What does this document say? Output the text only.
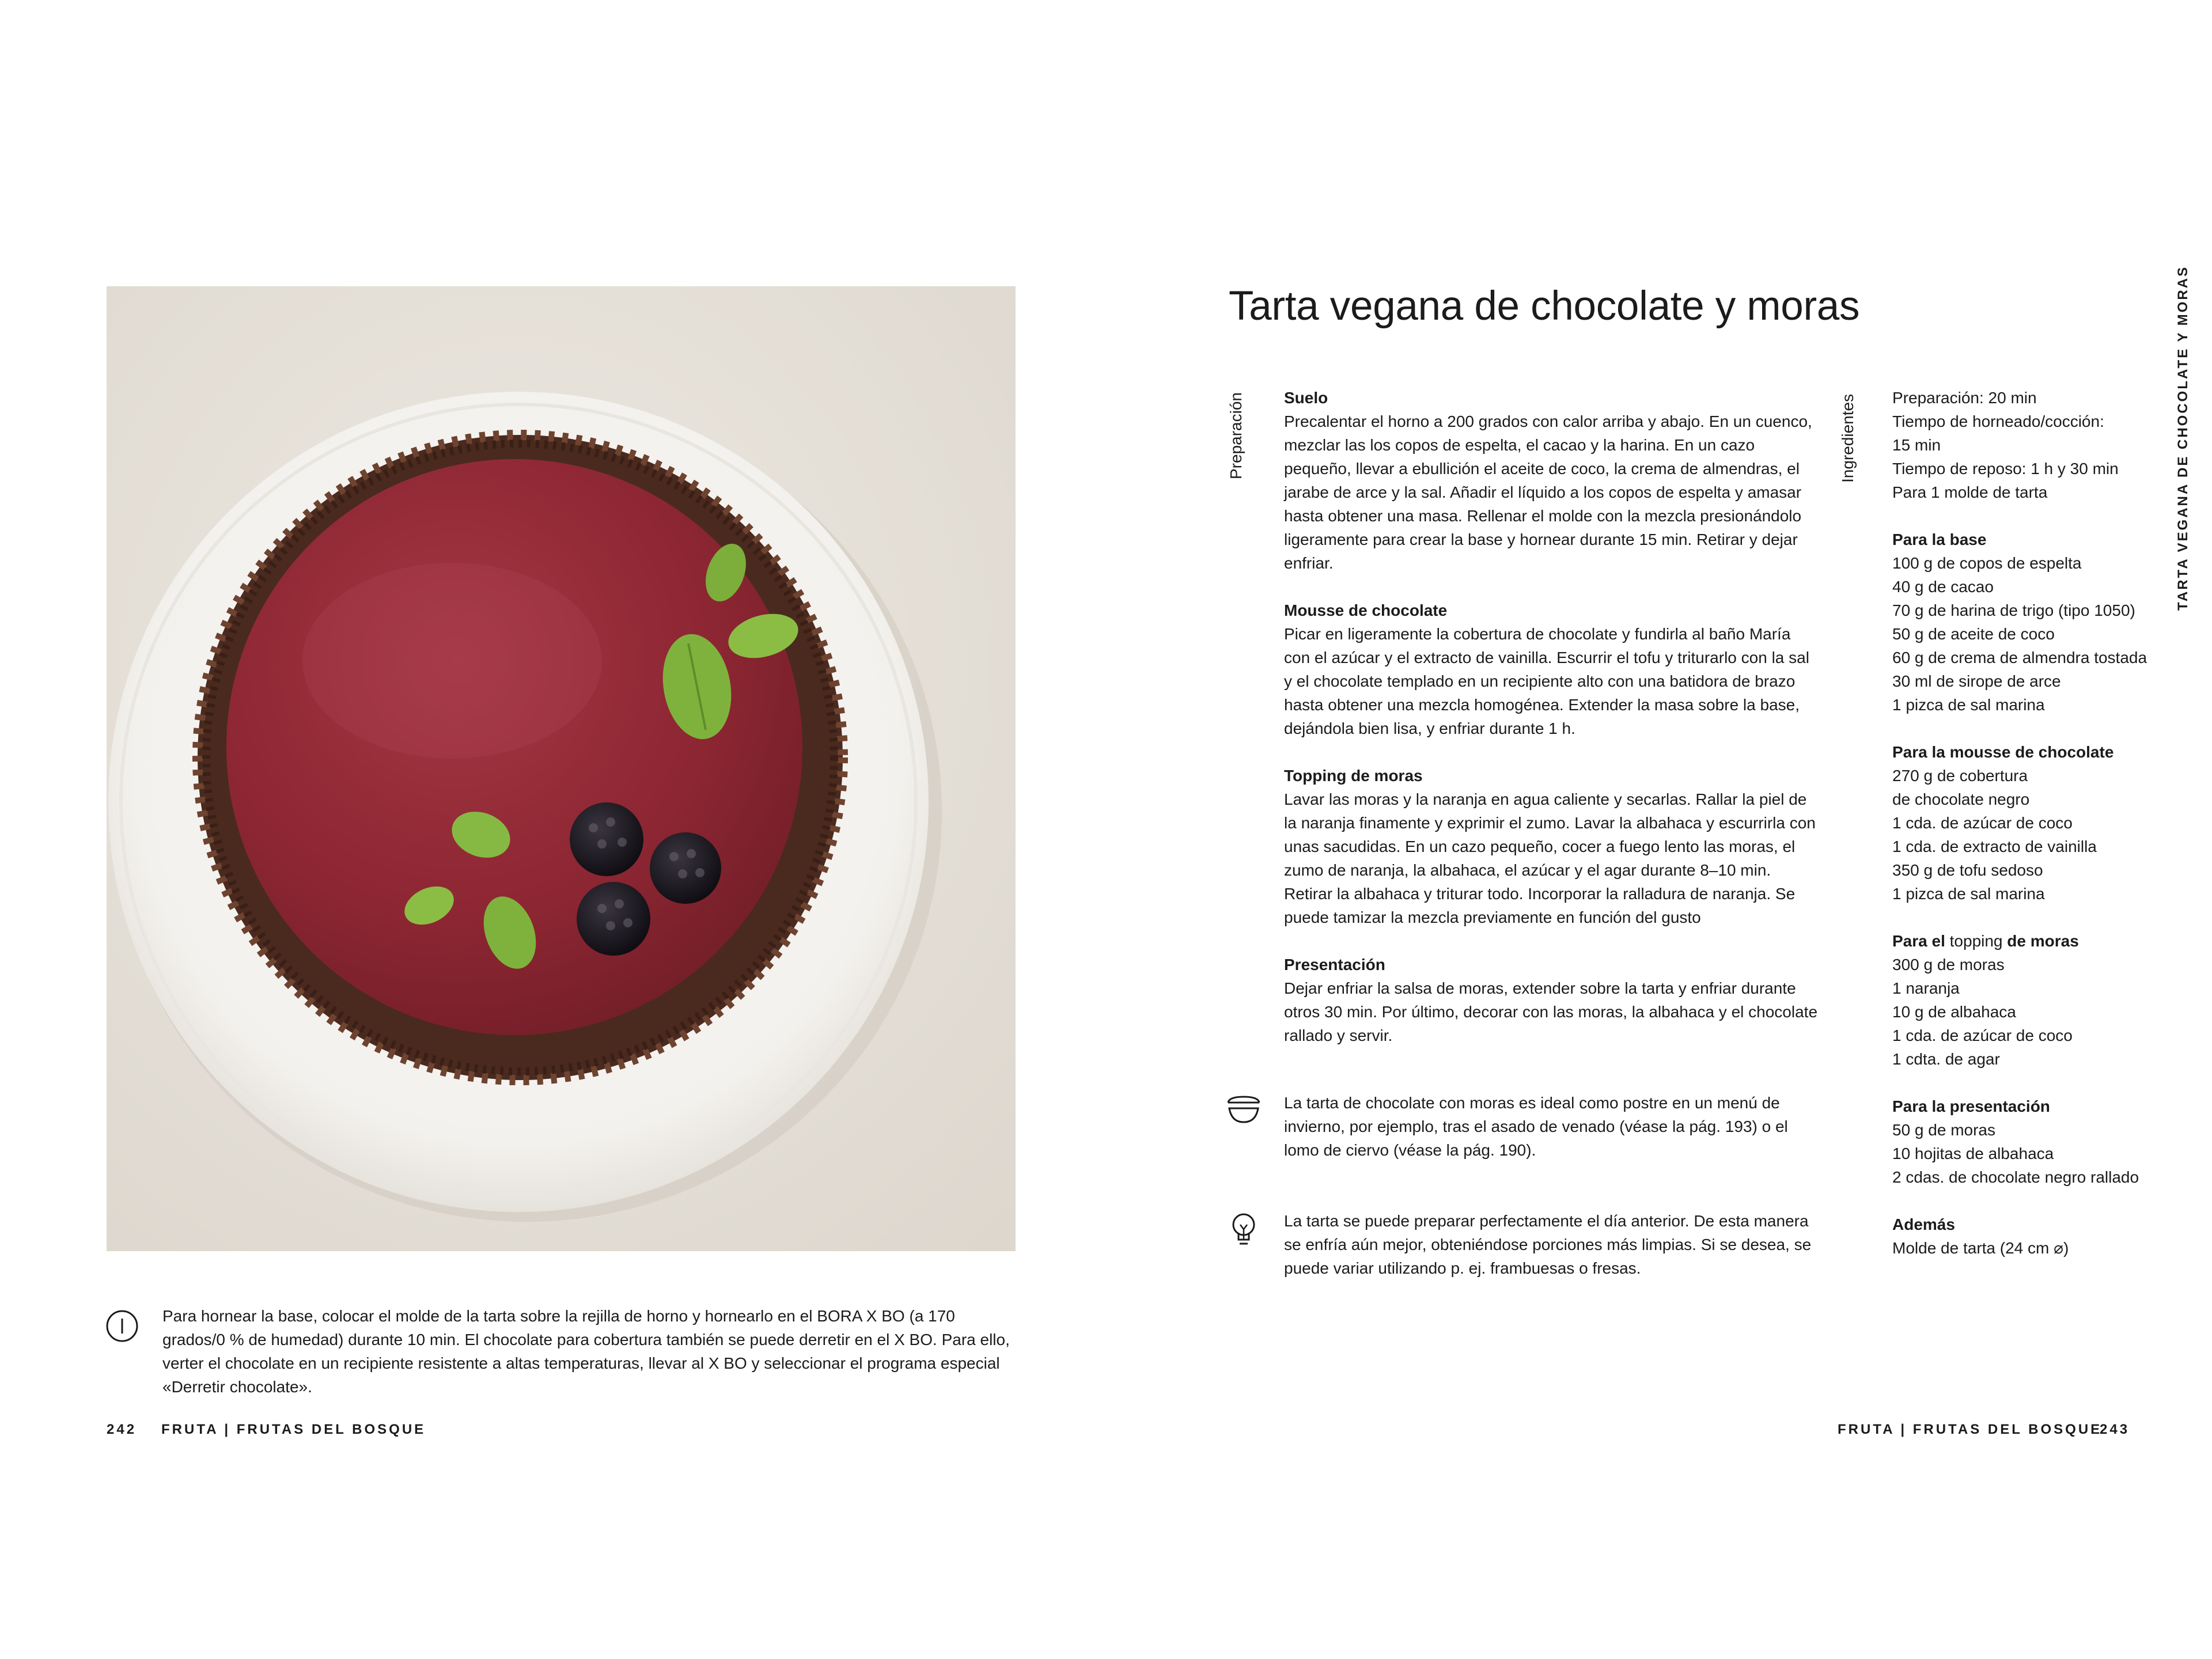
Para hornear la base, colocar el molde de la tarta sobre la rejilla de horno y hornearlo en el BORA X BO (a 170 grados/0 % de humedad) durante 10 min. El chocolate para cobertura también se puede derretir en el X BO. Para ello, verter el chocolate en un recipiente resistente a altas temperaturas, llevar al X BO y seleccionar el programa especial «Derretir chocolate».
242 FRUTA | FRUTAS DEL BOSQUE
Tarta vegana de chocolate y moras
Preparación	Ingredientes	TARTA VEGANA DE CHOCOLATE Y MORAS
Suelo

Precalentar el horno a 200 grados con calor arriba y abajo. En un cuenco, mezclar las los copos de espelta, el cacao y la harina. En un cazo pequeño, llevar a ebullición el aceite de coco, la crema de almendras, el jarabe de arce y la sal. Añadir el líquido a los copos de espelta y amasar hasta obtener una masa. Rellenar el molde con la mezcla presionándolo ligeramente para crear la base y hornear durante 15 min. Retirar y dejar enfriar.

Mousse de chocolate

Picar en ligeramente la cobertura de chocolate y fundirla al baño María con el azúcar y el extracto de vainilla. Escurrir el tofu y triturarlo con la sal y el chocolate templado en un recipiente alto con una batidora de brazo hasta obtener una mezcla homogénea. Extender la masa sobre la base, dejándola bien lisa, y enfriar durante 1 h.

Topping de moras

Lavar las moras y la naranja en agua caliente y secarlas. Rallar la piel de la naranja finamente y exprimir el zumo. Lavar la albahaca y escurrirla con unas sacudidas. En un cazo pequeño, cocer a fuego lento las moras, el zumo de naranja, la albahaca, el azúcar y el agar durante 8–10 min. Retirar la albahaca y triturar todo. Incorporar la ralladura de naranja. Se puede tamizar la mezcla previamente en función del gusto

Presentación

Dejar enfriar la salsa de moras, extender sobre la tarta y enfriar durante otros 30 min. Por último, decorar con las moras, la albahaca y el chocolate rallado y servir.

La tarta de chocolate con moras es ideal como postre en un menú de invierno, por ejemplo, tras el asado de venado (véase la pág. 193) o el lomo de ciervo (véase la pág. 190).
La tarta se puede preparar perfectamente el día anterior. De esta manera se enfría aún mejor, obteniéndose porciones más limpias. Si se desea, se puede variar utilizando p. ej. frambuesas o fresas.
Preparación: 20 min
Tiempo de horneado/cocción:
15 min
Tiempo de reposo: 1 h y 30 min
Para 1 molde de tarta
Para la base
100 g de copos de espelta
40 g de cacao
70 g de harina de trigo (tipo 1050)
50 g de aceite de coco
60 g de crema de almendra tostada
30 ml de sirope de arce
1 pizca de sal marina
Para la mousse de chocolate
270 g de cobertura
de chocolate negro
1 cda. de azúcar de coco
1 cda. de extracto de vainilla
350 g de tofu sedoso
1 pizca de sal marina
Para el topping de moras
300 g de moras
1 naranja
10 g de albahaca
1 cda. de azúcar de coco
1 cdta. de agar
Para la presentación
50 g de moras
10 hojitas de albahaca
2 cdas. de chocolate negro rallado
Además
Molde de tarta (24 cm ⌀)
FRUTA | FRUTAS DEL BOSQUE
243
